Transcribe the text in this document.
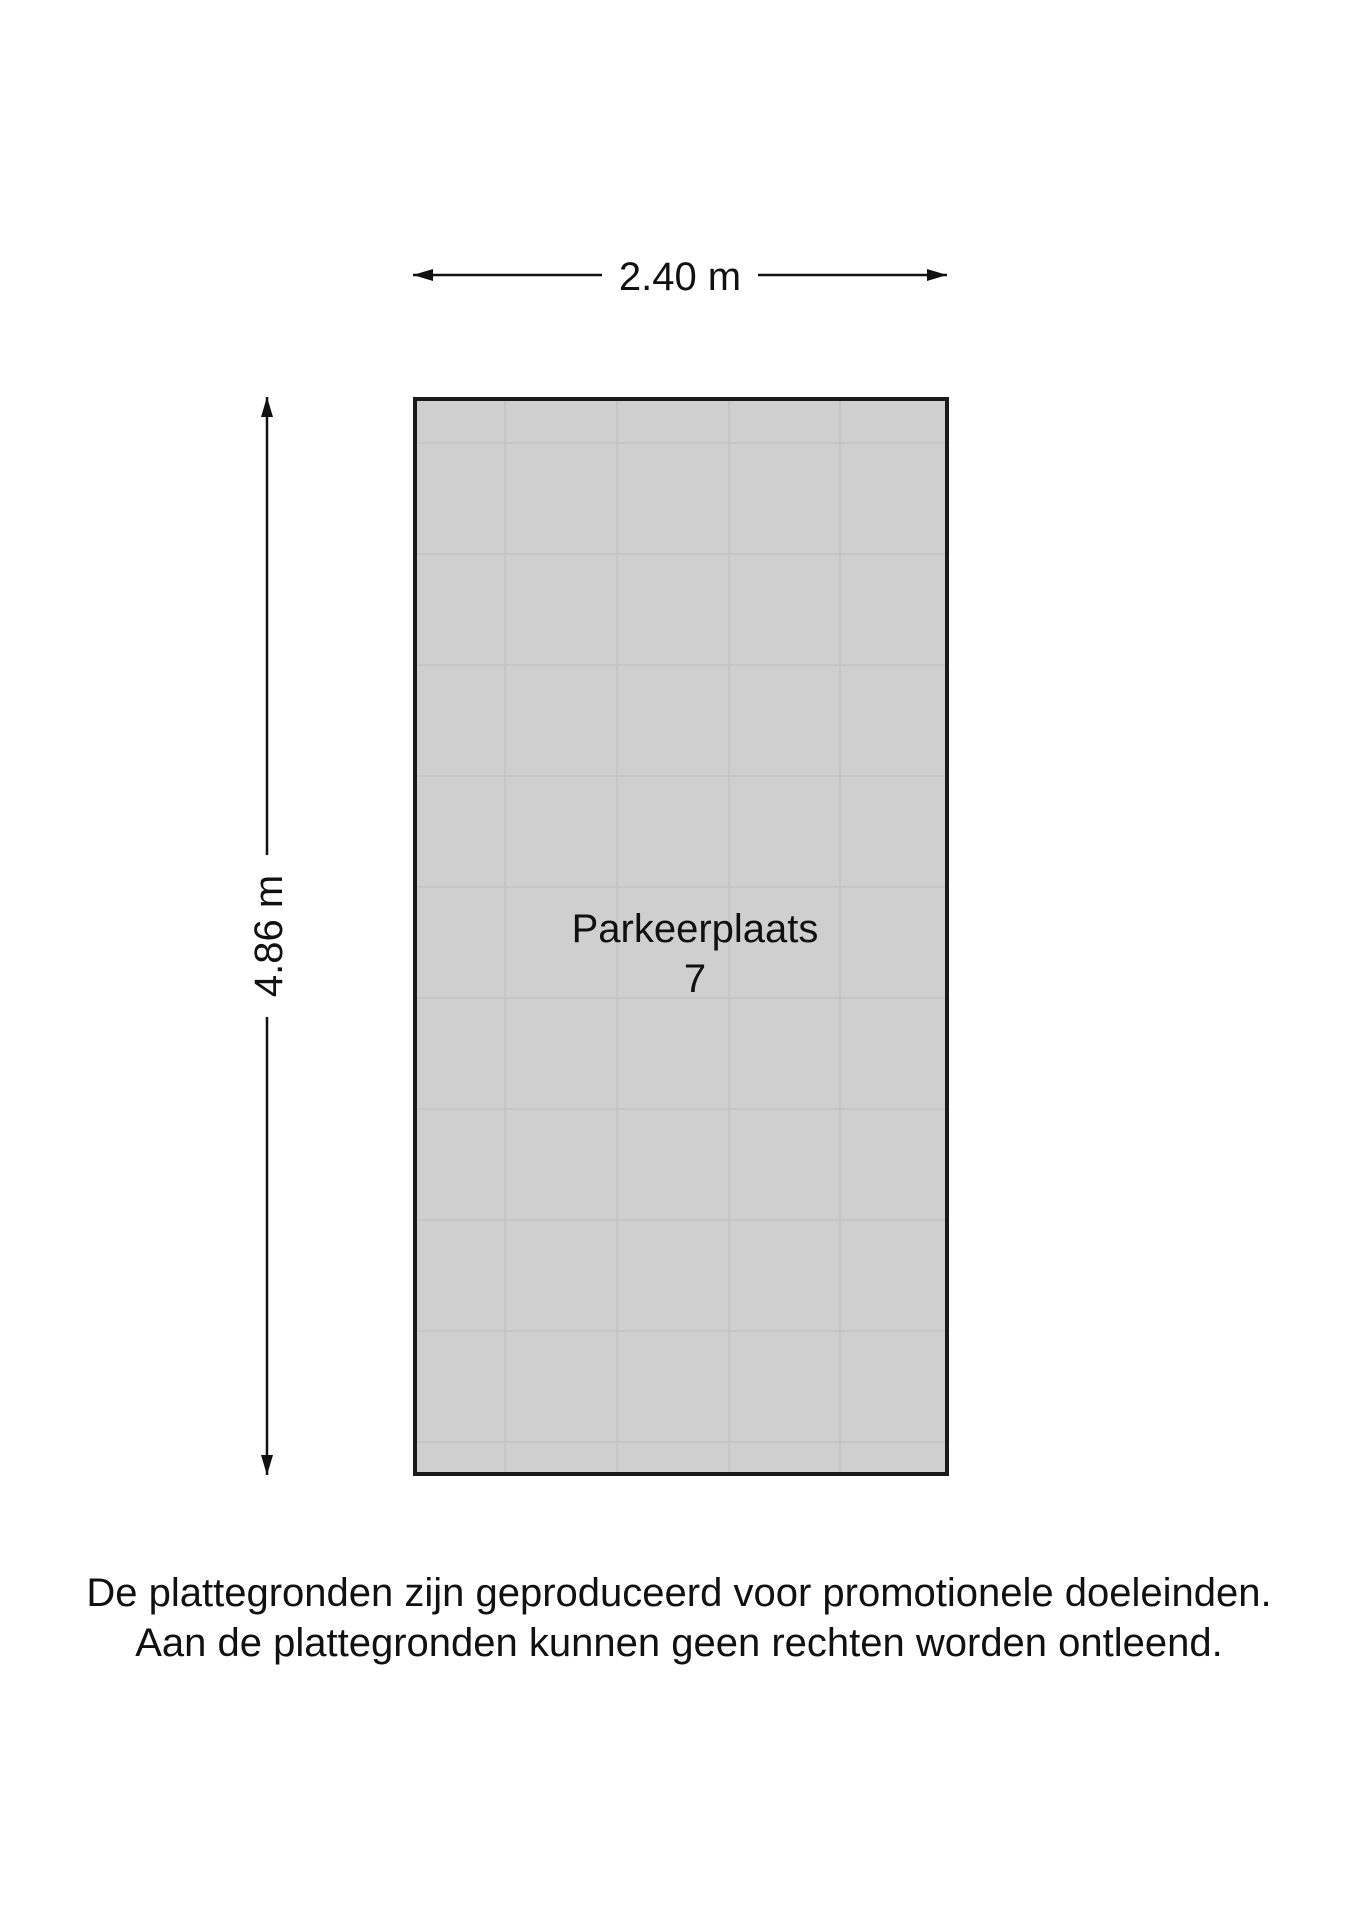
2.40 m
4.86 m	Parkeerplaats
7
De plattegronden zijn geproduceerd voor promotionele doeleinden.
Aan de plattegronden kunnen geen rechten worden ontleend.
